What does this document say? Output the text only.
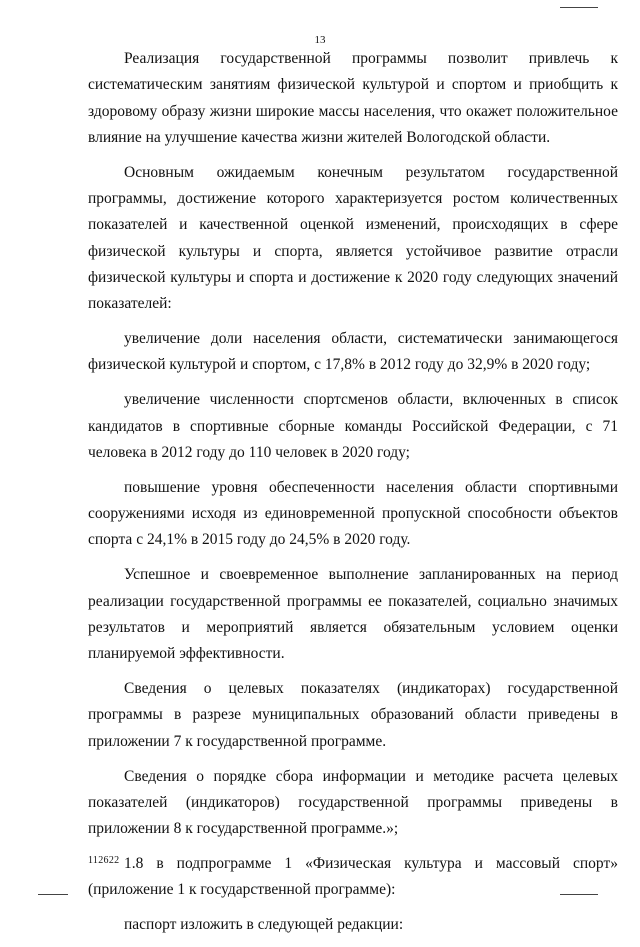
13

Реализация государственной программы позволит привлечь к систематическим занятиям физической культурой и спортом и приобщить к здоровому образу жизни широкие массы населения, что окажет положительное влияние на улучшение качества жизни жителей Вологодской области.

Основным ожидаемым конечным результатом государственной программы, достижение которого характеризуется ростом количественных показателей и качественной оценкой изменений, происходящих в сфере физической культуры и спорта, является устойчивое развитие отрасли физической культуры и спорта и достижение к 2020 году следующих значений показателей:

увеличение доли населения области, систематически занимающегося физической культурой и спортом, с 17,8% в 2012 году до 32,9% в 2020 году;

увеличение численности спортсменов области, включенных в список кандидатов в спортивные сборные команды Российской Федерации, с 71 человека в 2012 году до 110 человек в 2020 году;

повышение уровня обеспеченности населения области спортивными сооружениями исходя из единовременной пропускной способности объектов спорта с 24,1% в 2015 году до 24,5% в 2020 году.

Успешное и своевременное выполнение запланированных на период реализации государственной программы ее показателей, социально значимых результатов и мероприятий является обязательным условием оценки планируемой эффективности.

Сведения о целевых показателях (индикаторах) государственной программы в разрезе муниципальных образований области приведены в приложении 7 к государственной программе.

Сведения о порядке сбора информации и методике расчета целевых показателей (индикаторов) государственной программы приведены в приложении 8 к государственной программе.»;

1.8 в подпрограмме 1 «Физическая культура и массовый спорт» (приложение 1 к государственной программе):

паспорт изложить в следующей редакции:

112622
